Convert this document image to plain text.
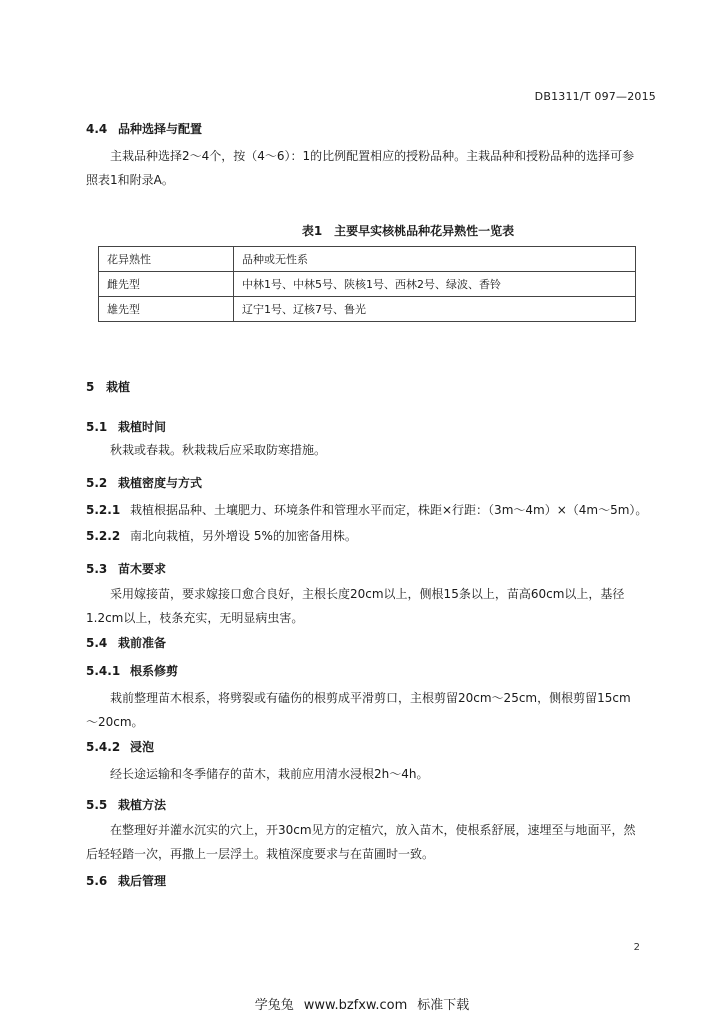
DB1311/T 097—2015
4.4 品种选择与配置
主栽品种选择2～4个，按（4～6）：1的比例配置相应的授粉品种。主栽品种和授粉品种的选择可参照表1和附录A。
表1　主要早实核桃品种花异熟性一览表
花异熟性	品种或无性系
雌先型	中林1号、中林5号、陕核1号、西林2号、绿波、香铃
雄先型	辽宁1号、辽核7号、鲁光
5 栽植
5.1 栽植时间
秋栽或春栽。秋栽栽后应采取防寒措施。
5.2 栽植密度与方式
5.2.1 栽植根据品种、土壤肥力、环境条件和管理水平而定，株距×行距：（3m～4m）×（4m～5m）。
5.2.2 南北向栽植，另外增设 5%的加密备用株。
5.3 苗木要求
采用嫁接苗，要求嫁接口愈合良好，主根长度20cm以上，侧根15条以上，苗高60cm以上，基径1.2cm以上，枝条充实，无明显病虫害。
5.4 栽前准备
5.4.1 根系修剪
栽前整理苗木根系，将劈裂或有磕伤的根剪成平滑剪口，主根剪留20cm～25cm，侧根剪留15cm～20cm。
5.4.2 浸泡
经长途运输和冬季储存的苗木，栽前应用清水浸根2h～4h。
5.5 栽植方法
在整理好并灌水沉实的穴上，开30cm见方的定植穴，放入苗木，使根系舒展，速埋至与地面平，然后轻轻踏一次，再撒上一层浮土。栽植深度要求与在苗圃时一致。
5.6 栽后管理
2
学兔兔 www.bzfxw.com 标准下载
